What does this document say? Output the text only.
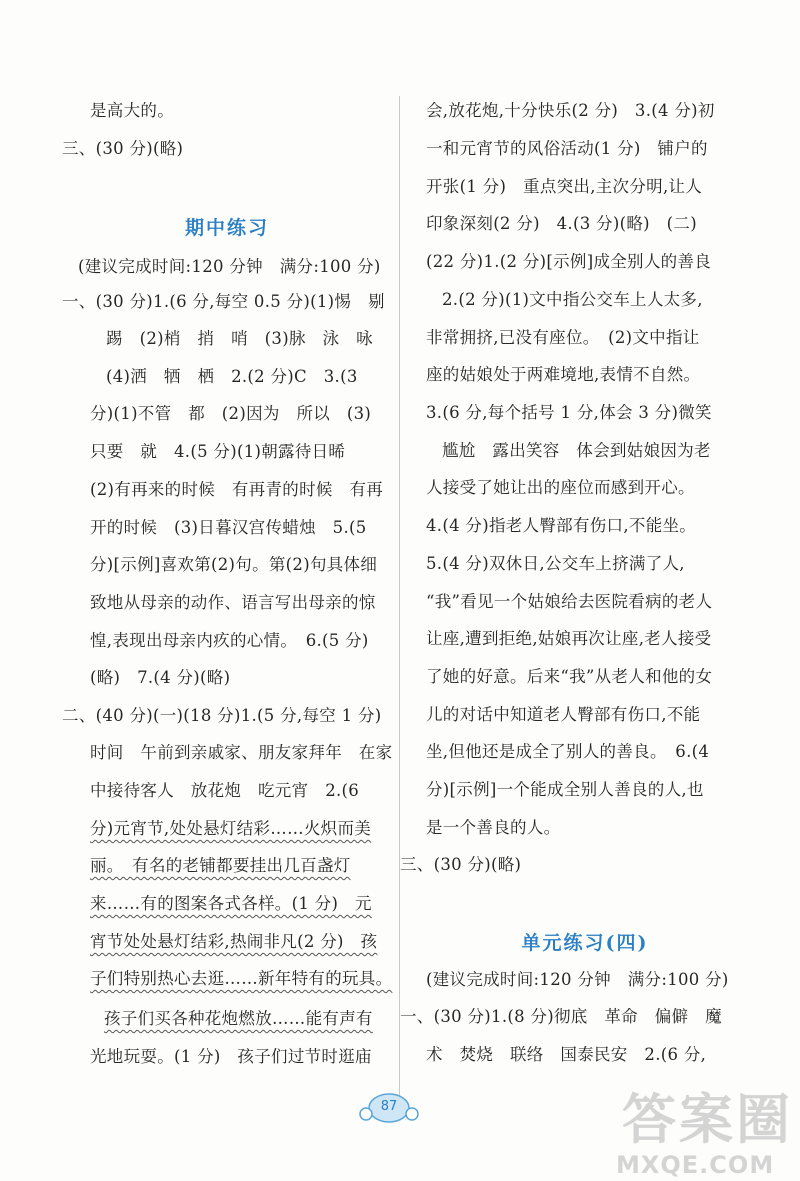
是高大的。
三、(30 分)(略)
期中练习
(建议完成时间:120 分钟　满分:100 分)
一、(30 分)1.(6 分,每空 0.5 分)(1)惕　剔
踢　(2)梢　捎　哨　(3)脉　泳　咏
(4)洒　牺　栖　2.(2 分)C　3.(3
分)(1)不管　都　(2)因为　所以　(3)
只要　就　4.(5 分)(1)朝露待日晞
(2)有再来的时候　有再青的时候　有再
开的时候　(3)日暮汉宫传蜡烛　5.(5
分)[示例]喜欢第(2)句。第(2)句具体细
致地从母亲的动作、语言写出母亲的惊
惶,表现出母亲内疚的心情。　6.(5 分)
(略)　7.(4 分)(略)
二、(40 分)(一)(18 分)1.(5 分,每空 1 分)
时间　午前到亲戚家、朋友家拜年　在家
中接待客人　放花炮　吃元宵　2.(6
分)元宵节,处处悬灯结彩……火炽而美
丽。　有名的老铺都要挂出几百盏灯
来……有的图案各式各样。(1 分)　元
宵节处处悬灯结彩,热闹非凡(2 分)　孩
子们特别热心去逛……新年特有的玩具。
孩子们买各种花炮燃放……能有声有
光地玩耍。(1 分)　孩子们过节时逛庙
会,放花炮,十分快乐(2 分)　3.(4 分)初
一和元宵节的风俗活动(1 分)　铺户的
开张(1 分)　重点突出,主次分明,让人
印象深刻(2 分)　4.(3 分)(略)　(二)
(22 分)1.(2 分)[示例]成全别人的善良
2.(2 分)(1)文中指公交车上人太多,
非常拥挤,已没有座位。　(2)文中指让
座的姑娘处于两难境地,表情不自然。
3.(6 分,每个括号 1 分,体会 3 分)微笑
尴尬　露出笑容　体会到姑娘因为老
人接受了她让出的座位而感到开心。
4.(4 分)指老人臀部有伤口,不能坐。
5.(4 分)双休日,公交车上挤满了人,
“我”看见一个姑娘给去医院看病的老人
让座,遭到拒绝,姑娘再次让座,老人接受
了她的好意。后来“我”从老人和他的女
儿的对话中知道老人臀部有伤口,不能
坐,但他还是成全了别人的善良。　6.(4
分)[示例]一个能成全别人善良的人,也
是一个善良的人。
三、(30 分)(略)
单元练习(四)
(建议完成时间:120 分钟　满分:100 分)
一、(30 分)1.(8 分)彻底　革命　偏僻　魔
术　焚烧　联络　国泰民安　2.(6 分,
87	答案圈
MXQE.COM
